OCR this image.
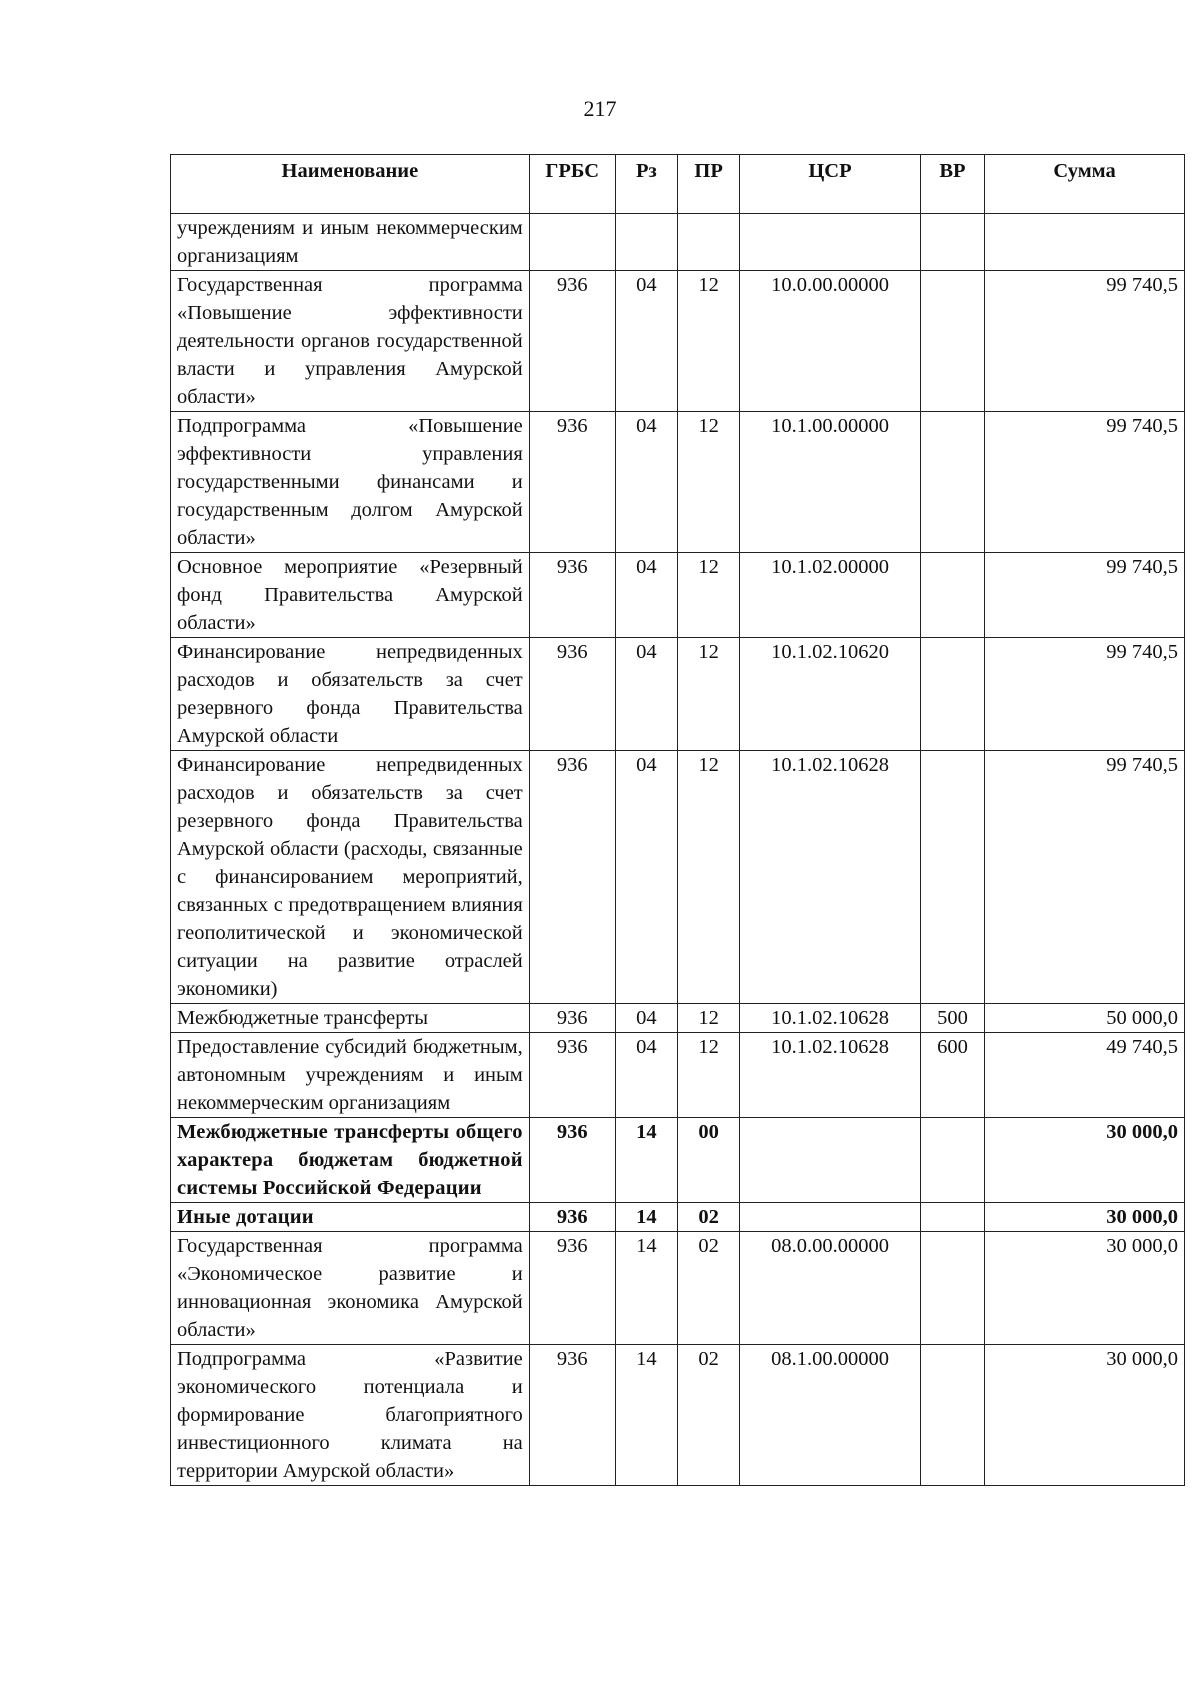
217
Наименование	ГРБС	Рз	ПР	ЦСР	ВР	Сумма
учреждениям и иным некоммерческим организациям						
Государственная программа «Повышение эффективности деятельности органов государственной власти и управления Амурской области»	936	04	12	10.0.00.00000		99 740,5
Подпрограмма «Повышение эффективности управления государственными финансами и государственным долгом Амурской области»	936	04	12	10.1.00.00000		99 740,5
Основное мероприятие «Резервный фонд Правительства Амурской области»	936	04	12	10.1.02.00000		99 740,5
Финансирование непредвиденных расходов и обязательств за счет резервного фонда Правительства Амурской области	936	04	12	10.1.02.10620		99 740,5
Финансирование непредвиденных расходов и обязательств за счет резервного фонда Правительства Амурской области (расходы, связанные с финансированием мероприятий, связанных с предотвращением влияния геополитической и экономической ситуации на развитие отраслей экономики)	936	04	12	10.1.02.10628		99 740,5
Межбюджетные трансферты	936	04	12	10.1.02.10628	500	50 000,0
Предоставление субсидий бюджетным, автономным учреждениям и иным некоммерческим организациям	936	04	12	10.1.02.10628	600	49 740,5
Межбюджетные трансферты общего характера бюджетам бюджетной системы Российской Федерации	936	14	00			30 000,0
Иные дотации	936	14	02			30 000,0
Государственная программа «Экономическое развитие и инновационная экономика Амурской области»	936	14	02	08.0.00.00000		30 000,0
Подпрограмма «Развитие экономического потенциала и формирование благоприятного инвестиционного климата на территории Амурской области»	936	14	02	08.1.00.00000		30 000,0
